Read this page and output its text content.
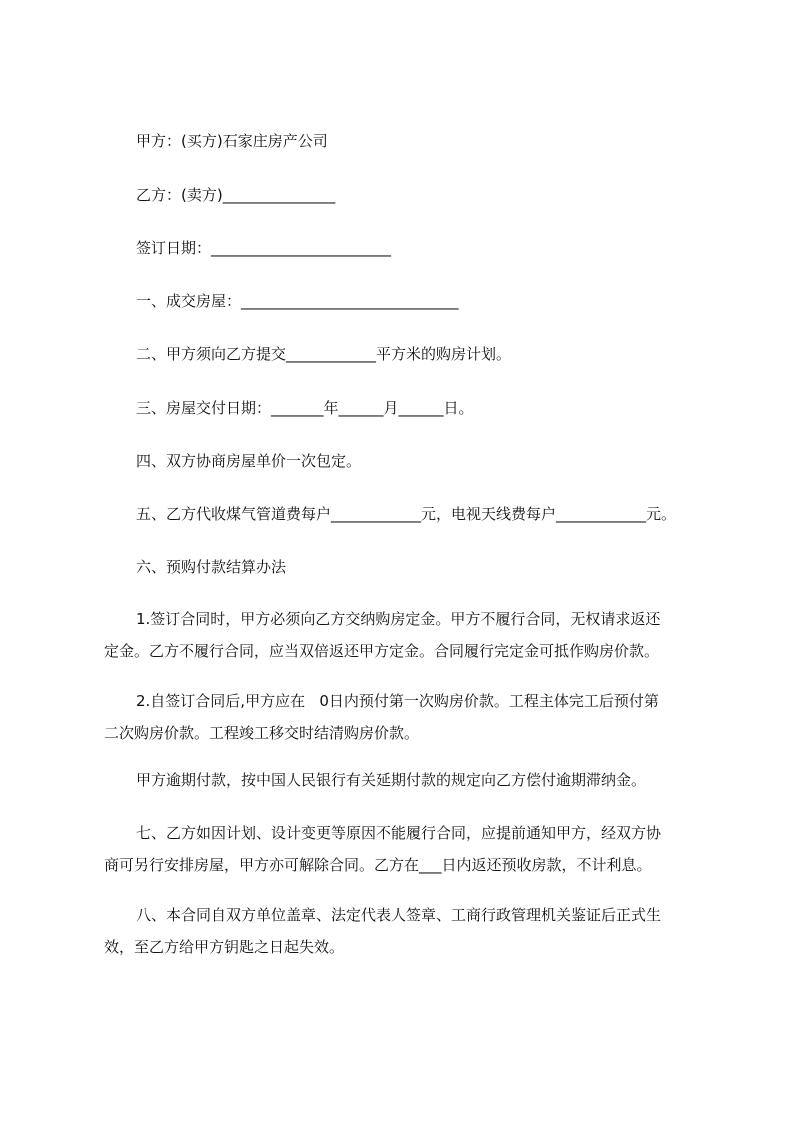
甲方：(买方)石家庄房产公司
乙方：(卖方)_______________
签订日期：________________________
一、成交房屋：_____________________________
二、甲方须向乙方提交____________平方米的购房计划。
三、房屋交付日期：_______年______月______日。
四、双方协商房屋单价一次包定。
五、乙方代收煤气管道费每户____________元，电视天线费每户____________元。
六、预购付款结算办法
1.签订合同时，甲方必须向乙方交纳购房定金。甲方不履行合同，无权请求返还
定金。乙方不履行合同，应当双倍返还甲方定金。合同履行完定金可抵作购房价款。
2.自签订合同后,甲方应在   0日内预付第一次购房价款。工程主体完工后预付第
二次购房价款。工程竣工移交时结清购房价款。
甲方逾期付款，按中国人民银行有关延期付款的规定向乙方偿付逾期滞纳金。
七、乙方如因计划、设计变更等原因不能履行合同，应提前通知甲方，经双方协
商可另行安排房屋，甲方亦可解除合同。乙方在___日内返还预收房款，不计利息。
八、本合同自双方单位盖章、法定代表人签章、工商行政管理机关鉴证后正式生
效，至乙方给甲方钥匙之日起失效。
